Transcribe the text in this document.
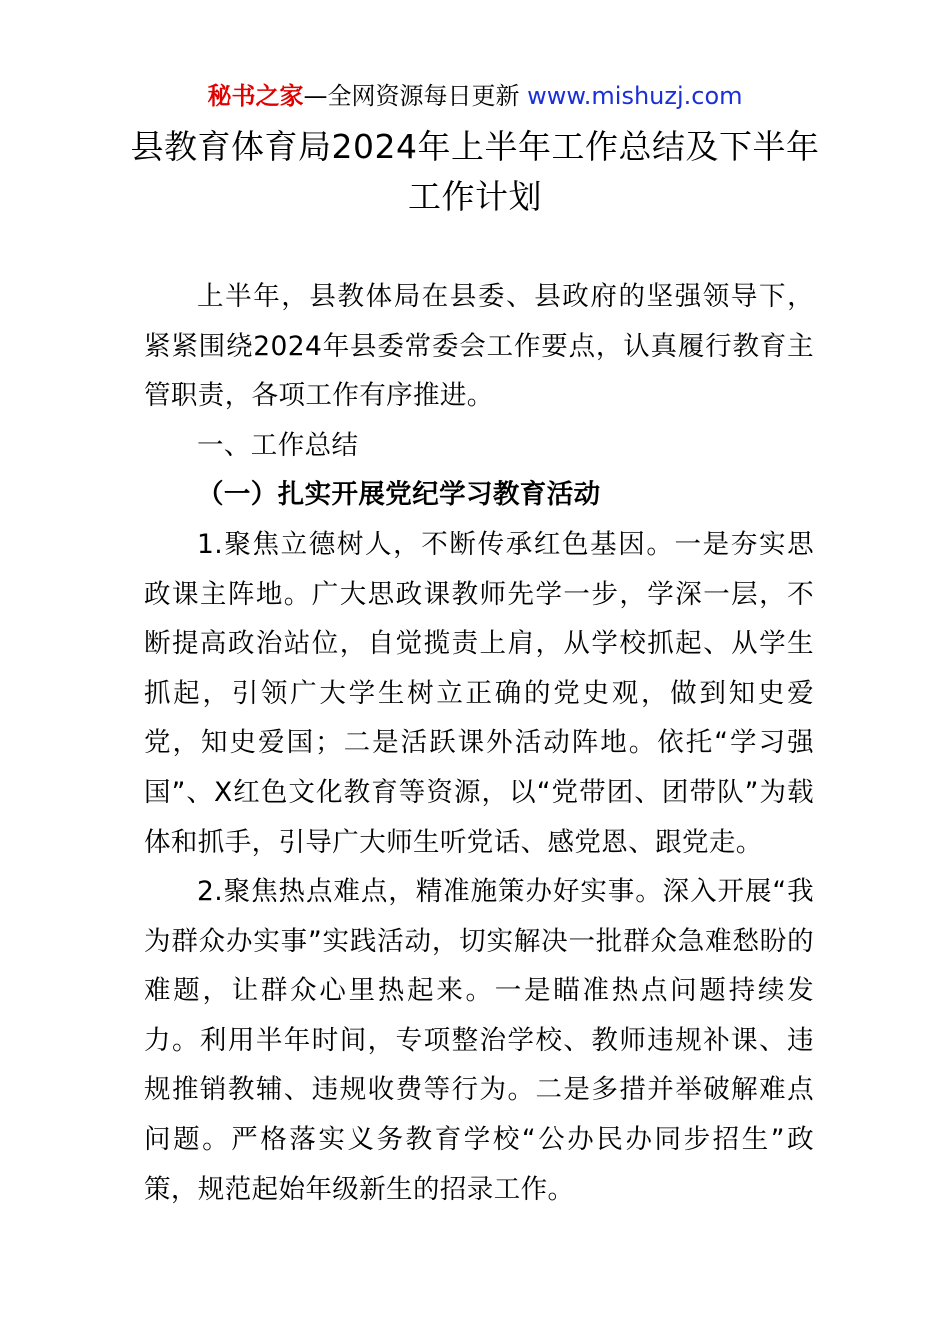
秘书之家—全网资源每日更新 www.mishuzj.com
县教育体育局2024年上半年工作总结及下半年
工作计划
上半年，县教体局在县委、县政府的坚强领导下，紧紧围绕2024年县委常委会工作要点，认真履行教育主管职责，各项工作有序推进。
一、工作总结
（一）扎实开展党纪学习教育活动
1.聚焦立德树人，不断传承红色基因。一是夯实思政课主阵地。广大思政课教师先学一步，学深一层，不断提高政治站位，自觉揽责上肩，从学校抓起、从学生抓起，引领广大学生树立正确的党史观，做到知史爱党，知史爱国；二是活跃课外活动阵地。依托“学习强国”、X红色文化教育等资源，以“党带团、团带队”为载体和抓手，引导广大师生听党话、感党恩、跟党走。
2.聚焦热点难点，精准施策办好实事。深入开展“我为群众办实事”实践活动，切实解决一批群众急难愁盼的难题，让群众心里热起来。一是瞄准热点问题持续发力。利用半年时间，专项整治学校、教师违规补课、违规推销教辅、违规收费等行为。二是多措并举破解难点问题。严格落实义务教育学校“公办民办同步招生”政策，规范起始年级新生的招录工作。
